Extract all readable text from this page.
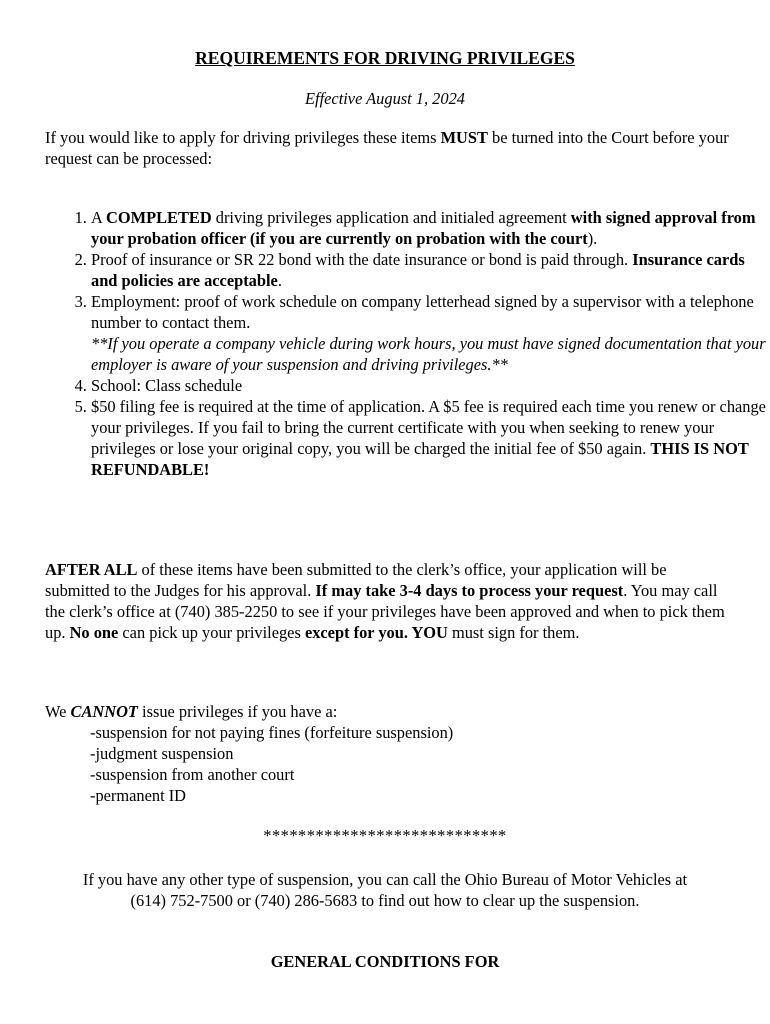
REQUIREMENTS FOR DRIVING PRIVILEGES
Effective August 1, 2024

If you would like to apply for driving privileges these items MUST be turned into the Court before your request can be processed:

1. A COMPLETED driving privileges application and initialed agreement with signed approval from your probation officer (if you are currently on probation with the court).
2. Proof of insurance or SR 22 bond with the date insurance or bond is paid through. Insurance cards and policies are acceptable.
3. Employment: proof of work schedule on company letterhead signed by a supervisor with a telephone number to contact them.
**If you operate a company vehicle during work hours, you must have signed documentation that your employer is aware of your suspension and driving privileges.**
4. School: Class schedule
5. $50 filing fee is required at the time of application. A $5 fee is required each time you renew or change your privileges. If you fail to bring the current certificate with you when seeking to renew your privileges or lose your original copy, you will be charged the initial fee of $50 again. THIS IS NOT REFUNDABLE!

AFTER ALL of these items have been submitted to the clerk’s office, your application will be submitted to the Judges for his approval. If may take 3-4 days to process your request. You may call the clerk’s office at (740) 385-2250 to see if your privileges have been approved and when to pick them up. No one can pick up your privileges except for you. YOU must sign for them.

We CANNOT issue privileges if you have a:

-suspension for not paying fines (forfeiture suspension)
-judgment suspension
-suspension from another court
-permanent ID
****************************
If you have any other type of suspension, you can call the Ohio Bureau of Motor Vehicles at
(614) 752-7500 or (740) 286-5683 to find out how to clear up the suspension.
GENERAL CONDITIONS FOR
